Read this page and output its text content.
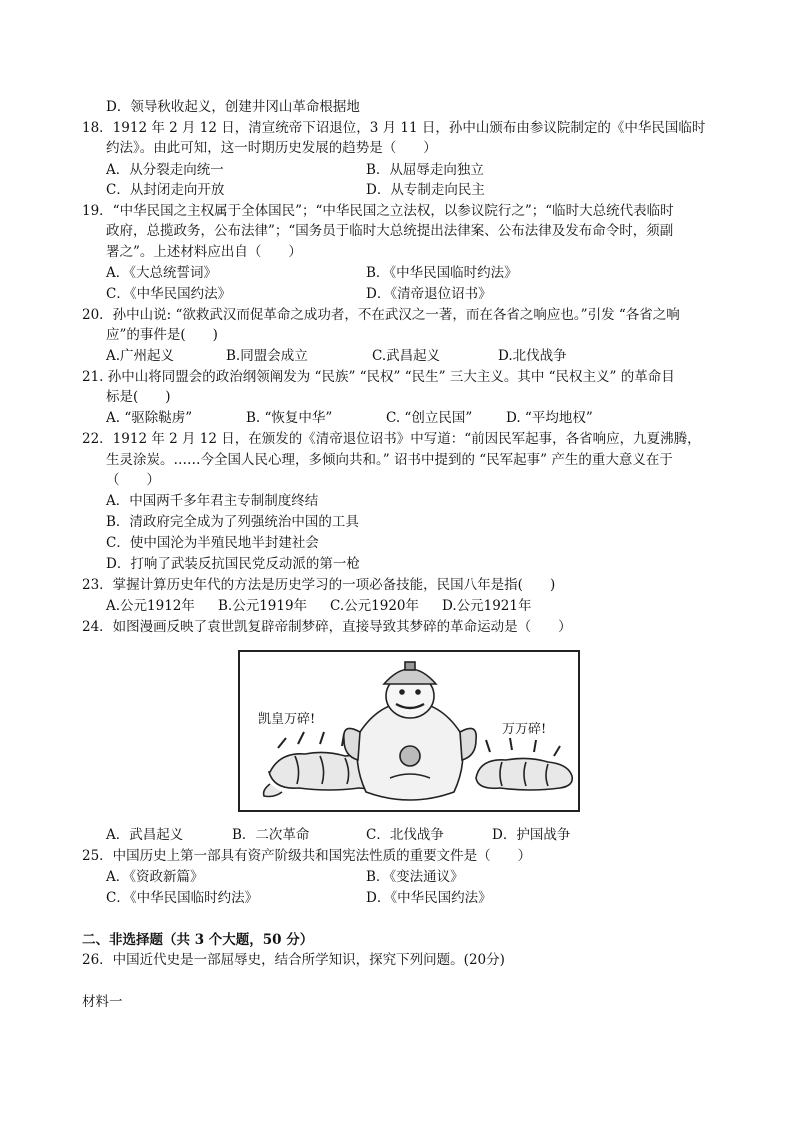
D．领导秋收起义，创建井冈山革命根据地
18．1912 年 2 月 12 日，清宣统帝下诏退位，3 月 11 日，孙中山颁布由参议院制定的《中华民国临时
约法》。由此可知，这一时期历史发展的趋势是（　　）
A．从分裂走向统一	B．从屈辱走向独立
C．从封闭走向开放	D．从专制走向民主
19．“中华民国之主权属于全体国民”；“中华民国之立法权，以参议院行之”；“临时大总统代表临时
政府，总揽政务，公布法律”；“国务员于临时大总统提出法律案、公布法律及发布命令时，须副
署之”。上述材料应出自（　　）
A．《大总统誓词》	B．《中华民国临时约法》
C．《中华民国约法》	D．《清帝退位诏书》
20．孙中山说: “欲救武汉而促革命之成功者，不在武汉之一著，而在各省之响应也。”引发 “各省之响
应”的事件是(　　)
A.广州起义	B.同盟会成立	C.武昌起义	D.北伐战争
21. 孙中山将同盟会的政治纲领阐发为 “民族” “民权” “民生” 三大主义。其中 “民权主义” 的革命目
标是(　　)
A. “驱除鞑虏”	B. “恢复中华”	C. “创立民国”	D. “平均地权”
22．1912 年 2 月 12 日，在颁发的《清帝退位诏书》中写道：“前因民军起事，各省响应，九夏沸腾，
生灵涂炭。……今全国人民心理，多倾向共和。” 诏书中提到的 “民军起事” 产生的重大意义在于
（　　）
A．中国两千多年君主专制制度终结
B．清政府完全成为了列强统治中国的工具
C．使中国沦为半殖民地半封建社会
D．打响了武装反抗国民党反动派的第一枪
23．掌握计算历史年代的方法是历史学习的一项必备技能，民国八年是指(　　)
A.公元1912年 B.公元1919年 C.公元1920年 D.公元1921年
24．如图漫画反映了袁世凯复辟帝制梦碎，直接导致其梦碎的革命运动是（　　）
凯皇万碎!
万万碎!
A．武昌起义	B．二次革命	C．北伐战争	D．护国战争
25．中国历史上第一部具有资产阶级共和国宪法性质的重要文件是（　　）
A．《资政新篇》	B．《变法通议》
C．《中华民国临时约法》	D．《中华民国约法》
二、非选择题（共 3 个大题，50 分）
26．中国近代史是一部屈辱史，结合所学知识，探究下列问题。(20分)
材料一
